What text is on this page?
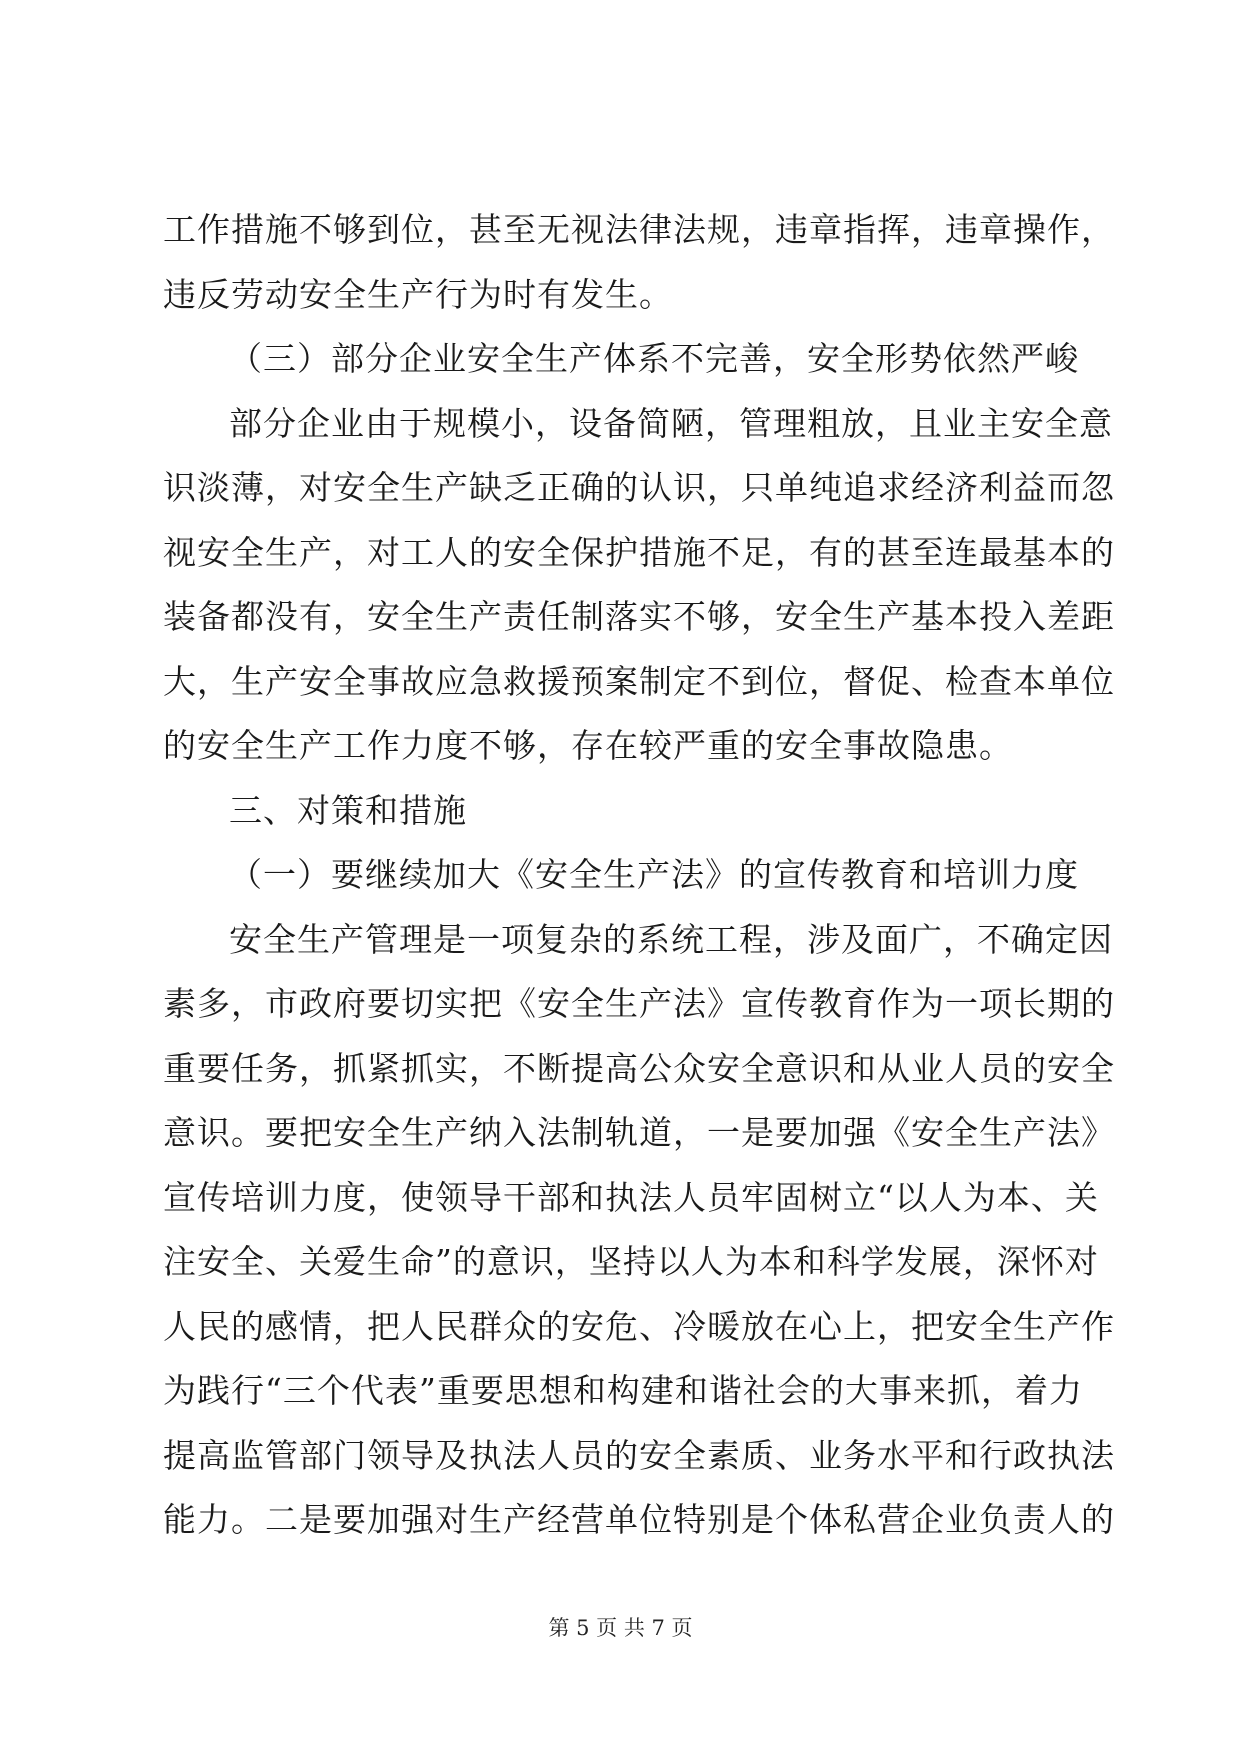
工作措施不够到位，甚至无视法律法规，违章指挥，违章操作，
违反劳动安全生产行为时有发生。
（三）部分企业安全生产体系不完善，安全形势依然严峻
部分企业由于规模小，设备简陋，管理粗放，且业主安全意
识淡薄，对安全生产缺乏正确的认识，只单纯追求经济利益而忽
视安全生产，对工人的安全保护措施不足，有的甚至连最基本的
装备都没有，安全生产责任制落实不够，安全生产基本投入差距
大，生产安全事故应急救援预案制定不到位，督促、检查本单位
的安全生产工作力度不够，存在较严重的安全事故隐患。
三、对策和措施
（一）要继续加大《安全生产法》的宣传教育和培训力度
安全生产管理是一项复杂的系统工程，涉及面广，不确定因
素多，市政府要切实把《安全生产法》宣传教育作为一项长期的
重要任务，抓紧抓实，不断提高公众安全意识和从业人员的安全
意识。要把安全生产纳入法制轨道，一是要加强《安全生产法》
宣传培训力度，使领导干部和执法人员牢固树立“以人为本、关
注安全、关爱生命”的意识，坚持以人为本和科学发展，深怀对
人民的感情，把人民群众的安危、冷暖放在心上，把安全生产作
为践行“三个代表”重要思想和构建和谐社会的大事来抓，着力
提高监管部门领导及执法人员的安全素质、业务水平和行政执法
能力。二是要加强对生产经营单位特别是个体私营企业负责人的
第 5 页 共 7 页
